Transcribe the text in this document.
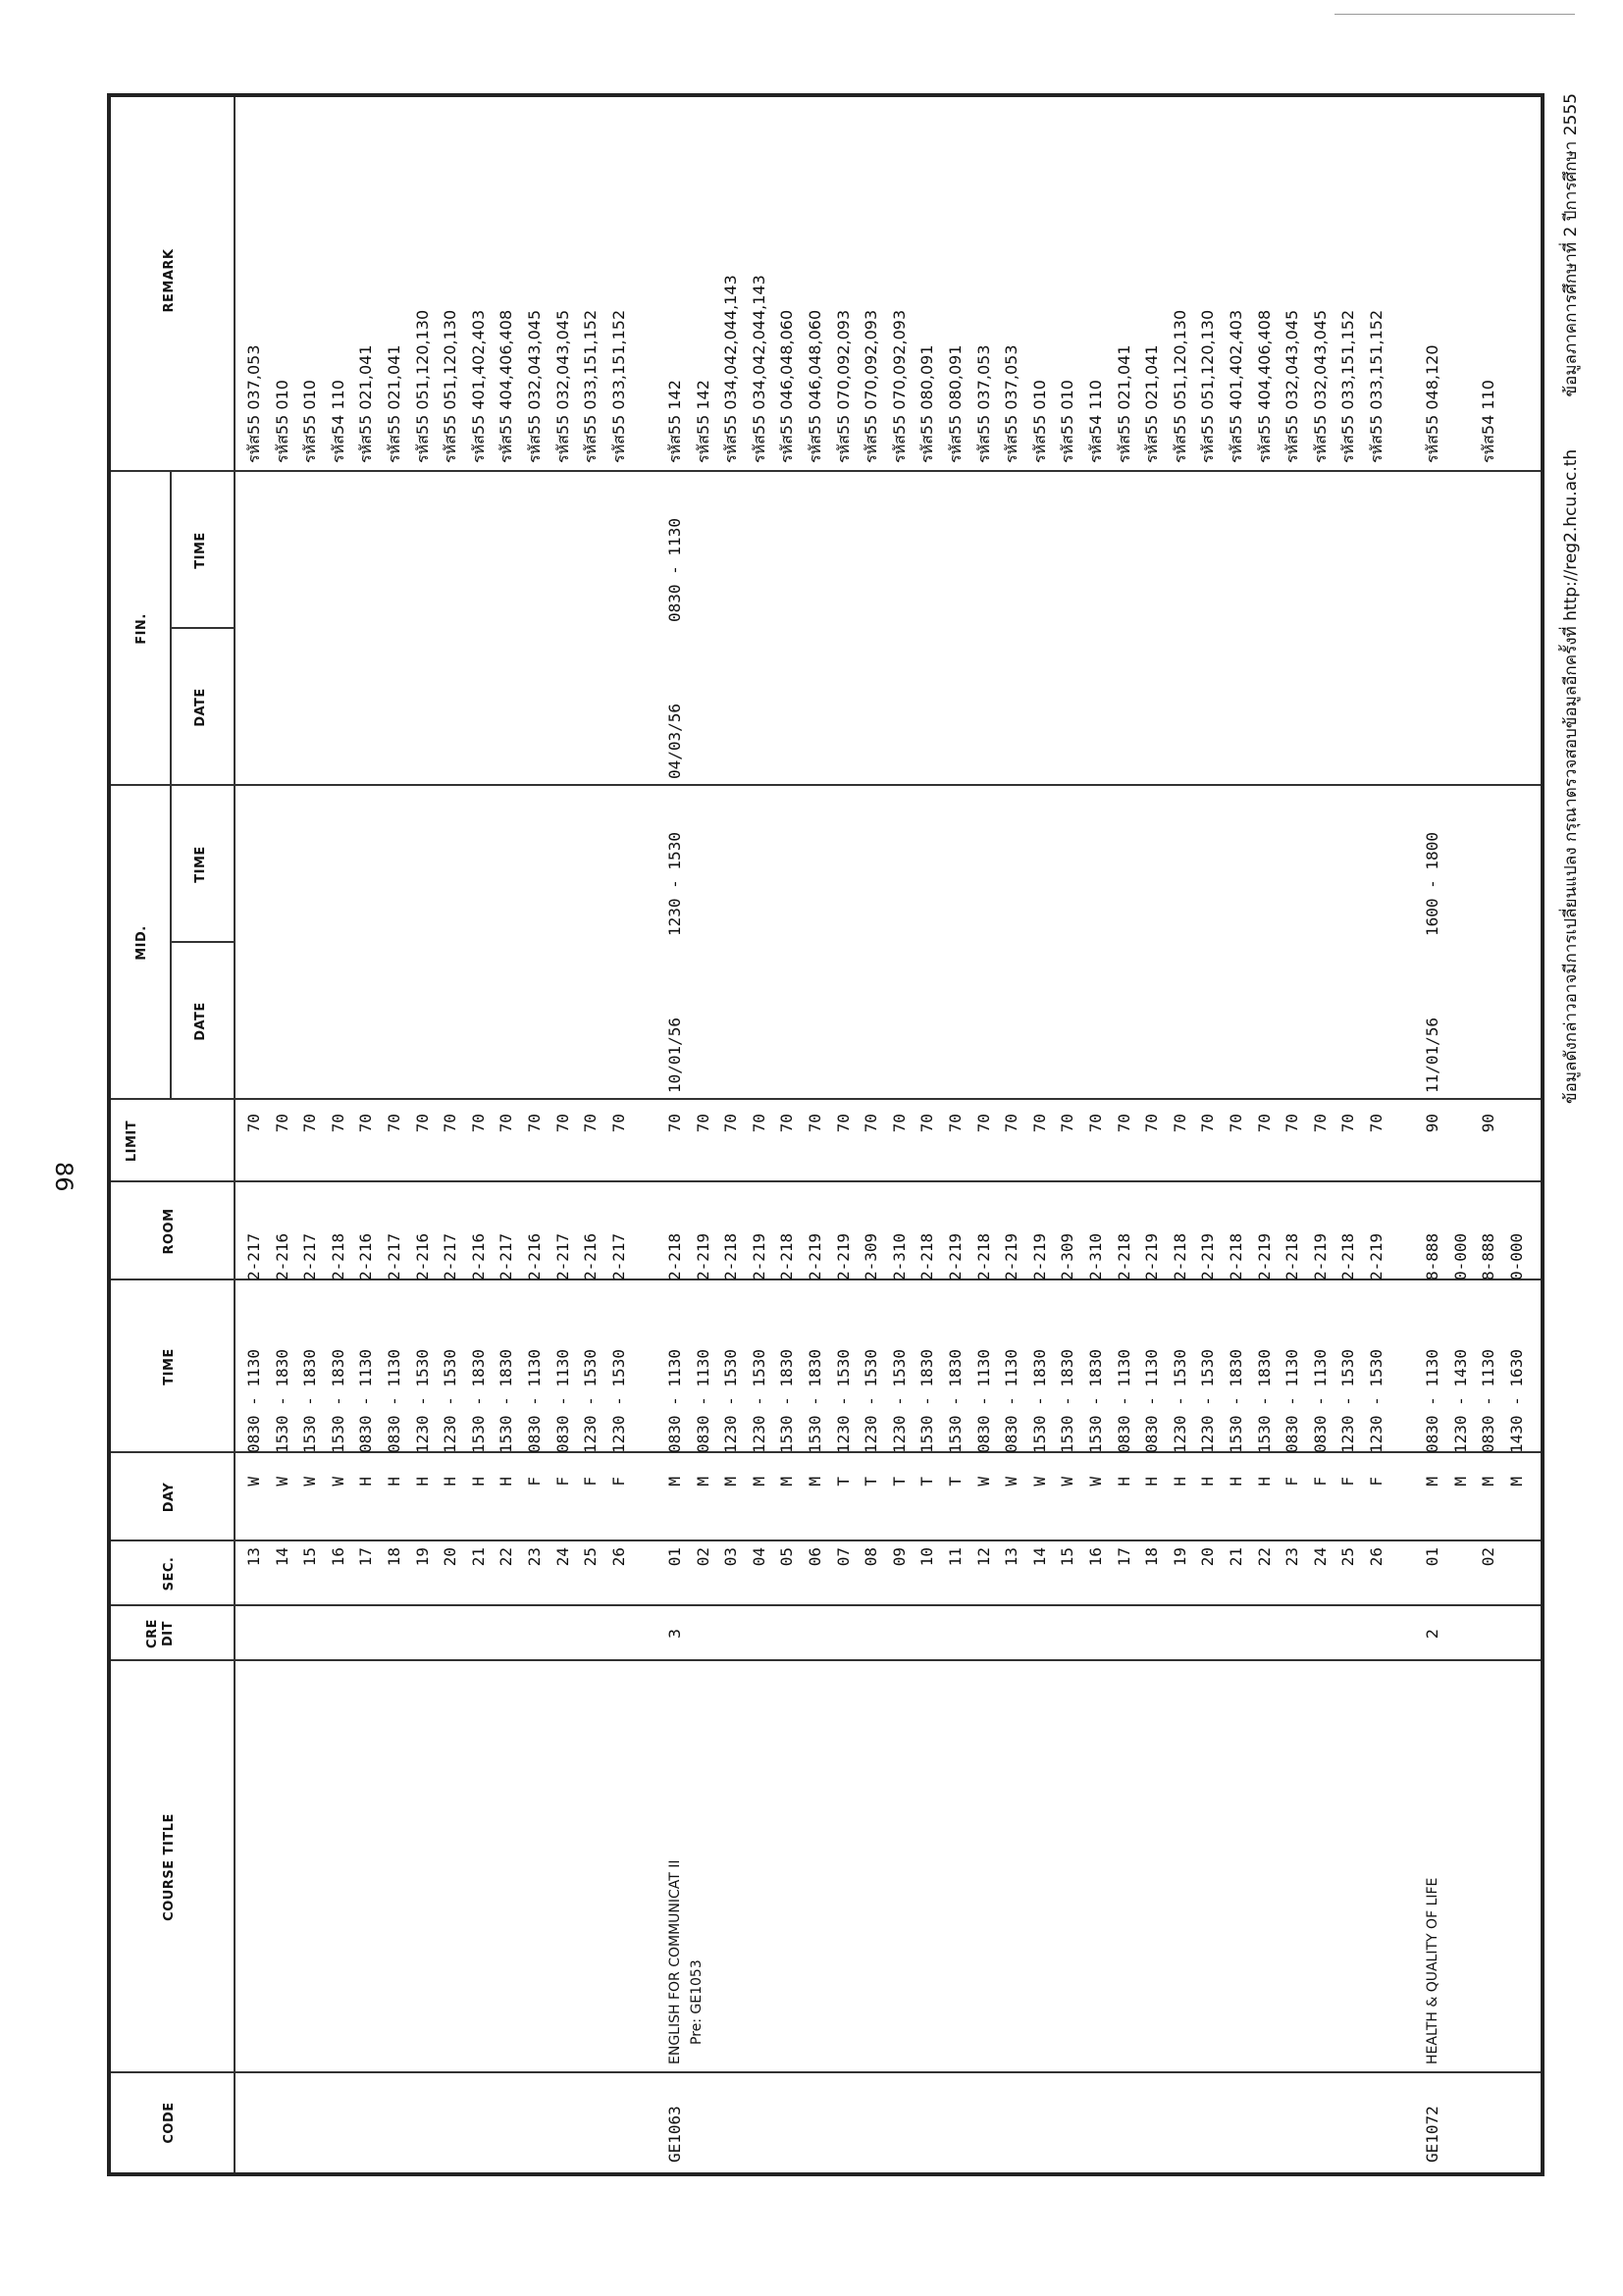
86
CODE
COURSE TITLE
CRE DIT
SEC.
DAY
TIME
ROOM
LIMIT
MID.
DATE
TIME
FIN.
DATE
TIME
REMARK
13
W
0830 - 1130
2-217
70
รหัส55 037,053
14
W
1530 - 1830
2-216
70
รหัส55 010
15
W
1530 - 1830
2-217
70
รหัส55 010
16
W
1530 - 1830
2-218
70
รหัส54 110
17
H
0830 - 1130
2-216
70
รหัส55 021,041
18
H
0830 - 1130
2-217
70
รหัส55 021,041
19
H
1230 - 1530
2-216
70
รหัส55 051,120,130
20
H
1230 - 1530
2-217
70
รหัส55 051,120,130
21
H
1530 - 1830
2-216
70
รหัส55 401,402,403
22
H
1530 - 1830
2-217
70
รหัส55 404,406,408
23
F
0830 - 1130
2-216
70
รหัส55 032,043,045
24
F
0830 - 1130
2-217
70
รหัส55 032,043,045
25
F
1230 - 1530
2-216
70
รหัส55 033,151,152
26
F
1230 - 1530
2-217
70
รหัส55 033,151,152
GE1063
ENGLISH FOR COMMUNICAT II Pre: GE1053
3
10/01/56
1230 - 1530
04/03/56
0830 - 1130
01
M
0830 - 1130
2-218
70
รหัส55 142
02
M
0830 - 1130
2-219
70
รหัส55 142
03
M
1230 - 1530
2-218
70
รหัส55 034,042,044,143
04
M
1230 - 1530
2-219
70
รหัส55 034,042,044,143
05
M
1530 - 1830
2-218
70
รหัส55 046,048,060
06
M
1530 - 1830
2-219
70
รหัส55 046,048,060
07
T
1230 - 1530
2-219
70
รหัส55 070,092,093
08
T
1230 - 1530
2-309
70
รหัส55 070,092,093
09
T
1230 - 1530
2-310
70
รหัส55 070,092,093
10
T
1530 - 1830
2-218
70
รหัส55 080,091
11
T
1530 - 1830
2-219
70
รหัส55 080,091
12
W
0830 - 1130
2-218
70
รหัส55 037,053
13
W
0830 - 1130
2-219
70
รหัส55 037,053
14
W
1530 - 1830
2-219
70
รหัส55 010
15
W
1530 - 1830
2-309
70
รหัส55 010
16
W
1530 - 1830
2-310
70
รหัส54 110
17
H
0830 - 1130
2-218
70
รหัส55 021,041
18
H
0830 - 1130
2-219
70
รหัส55 021,041
19
H
1230 - 1530
2-218
70
รหัส55 051,120,130
20
H
1230 - 1530
2-219
70
รหัส55 051,120,130
21
H
1530 - 1830
2-218
70
รหัส55 401,402,403
22
H
1530 - 1830
2-219
70
รหัส55 404,406,408
23
F
0830 - 1130
2-218
70
รหัส55 032,043,045
24
F
0830 - 1130
2-219
70
รหัส55 032,043,045
25
F
1230 - 1530
2-218
70
รหัส55 033,151,152
26
F
1230 - 1530
2-219
70
รหัส55 033,151,152
GE1072
HEALTH & QUALITY OF LIFE
2
11/01/56
1600 - 1800
01
M
0830 - 1130
8-888
90
รหัส55 048,120
M
1230 - 1430
0-000
02
M
0830 - 1130
8-888
90
รหัส54 110
M
1430 - 1630
0-000
ข้อมูลภาคการศึกษาที่ 2 ปีการศึกษา 2555
ข้อมูลดังกล่าวอาจมีการเปลี่ยนแปลง กรุณาตรวจสอบข้อมูลอีกครั้งที่ http://reg2.hcu.ac.th
